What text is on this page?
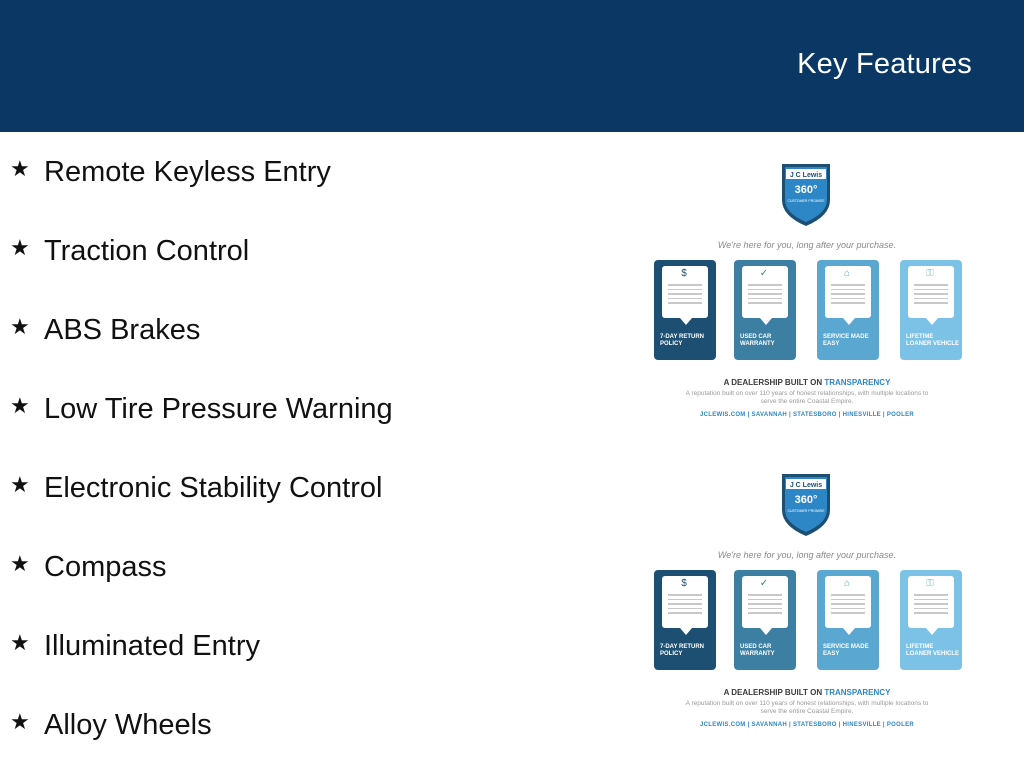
Key Features
★ Remote Keyless Entry
★ Traction Control
★ ABS Brakes
★ Low Tire Pressure Warning
★ Electronic Stability Control
★ Compass
★ Illuminated Entry
★ Alloy Wheels
J C Lewis
360°
CUSTOMER PROMISE
We're here for you, long after your purchase.
$
7-DAY RETURN POLICY
✓
USED CAR WARRANTY
⌂
SERVICE MADE EASY
⚿
LIFETIME LOANER VEHICLE
A DEALERSHIP BUILT ON TRANSPARENCY
A reputation built on over 110 years of honest relationships, with multiple locations to serve the entire Coastal Empire.
JCLEWIS.COM | SAVANNAH | STATESBORO | HINESVILLE | POOLER
J C Lewis
360°
CUSTOMER PROMISE
We're here for you, long after your purchase.
$
7-DAY RETURN POLICY
✓
USED CAR WARRANTY
⌂
SERVICE MADE EASY
⚿
LIFETIME LOANER VEHICLE
A DEALERSHIP BUILT ON TRANSPARENCY
A reputation built on over 110 years of honest relationships, with multiple locations to serve the entire Coastal Empire.
JCLEWIS.COM | SAVANNAH | STATESBORO | HINESVILLE | POOLER
